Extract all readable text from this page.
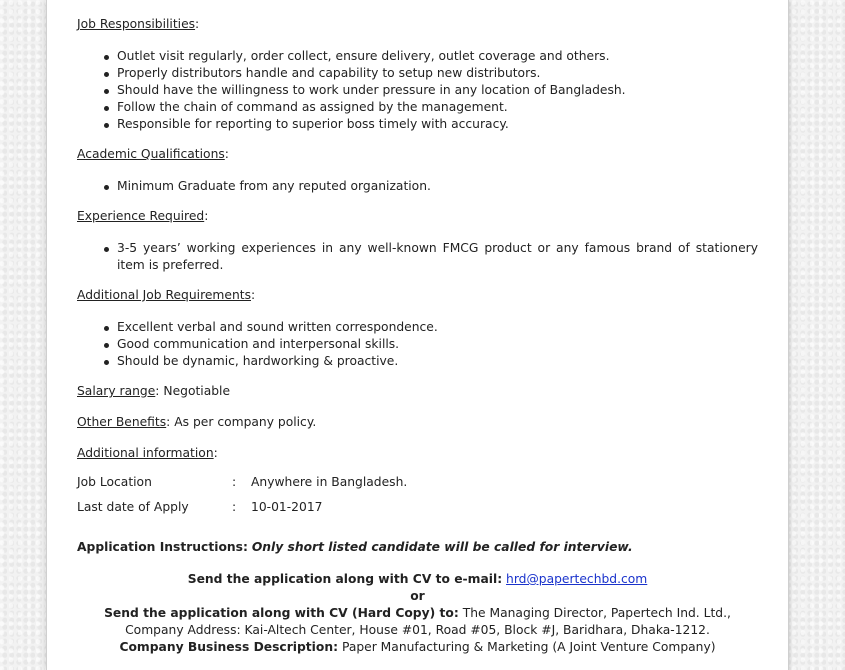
Job Responsibilities:
Outlet visit regularly, order collect, ensure delivery, outlet coverage and others.
Properly distributors handle and capability to setup new distributors.
Should have the willingness to work under pressure in any location of Bangladesh.
Follow the chain of command as assigned by the management.
Responsible for reporting to superior boss timely with accuracy.
Academic Qualifications:
Minimum Graduate from any reputed organization.
Experience Required:
3-5 years’ working experiences in any well-known FMCG product or any famous brand of stationery item is preferred.
Additional Job Requirements:
Excellent verbal and sound written correspondence.
Good communication and interpersonal skills.
Should be dynamic, hardworking & proactive.
Salary range: Negotiable
Other Benefits: As per company policy.
Additional information:
Job Location	: Anywhere in Bangladesh.
Last date of Apply	: 10-01-2017
Application Instructions: Only short listed candidate will be called for interview.
Send the application along with CV to e-mail: hrd@papertechbd.com
or
Send the application along with CV (Hard Copy) to: The Managing Director, Papertech Ind. Ltd., Company Address: Kai-Altech Center, House #01, Road #05, Block #J, Baridhara, Dhaka-1212.
Company Business Description: Paper Manufacturing & Marketing (A Joint Venture Company)
